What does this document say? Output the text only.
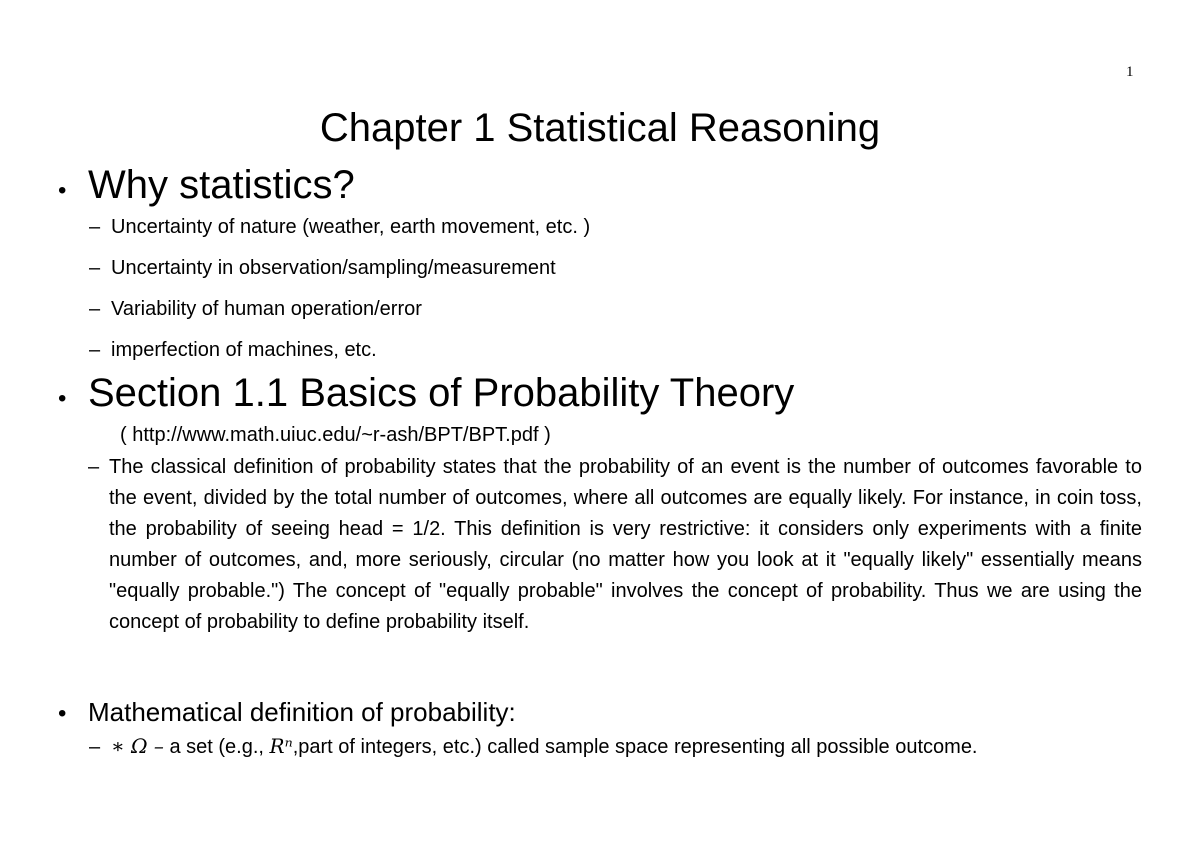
1
Chapter 1 Statistical Reasoning
• Why statistics?
– Uncertainty of nature (weather, earth movement, etc. )
– Uncertainty in observation/sampling/measurement
– Variability of human operation/error
– imperfection of machines, etc.
• Section 1.1 Basics of Probability Theory
( http://www.math.uiuc.edu/~r-ash/BPT/BPT.pdf )
– The classical definition of probability states that the probability of an event is the number of outcomes favorable to the event, divided by the total number of outcomes, where all outcomes are equally likely. For instance, in coin toss, the probability of seeing head = 1/2. This definition is very restrictive: it considers only experiments with a finite number of outcomes, and, more seriously, circular (no matter how you look at it "equally likely" essentially means "equally probable.") The concept of "equally probable" involves the concept of probability. Thus we are using the concept of probability to define probability itself.
• Mathematical definition of probability:
– ∗ Ω – a set (e.g., Rⁿ,part of integers, etc.) called sample space representing all possible outcome.
